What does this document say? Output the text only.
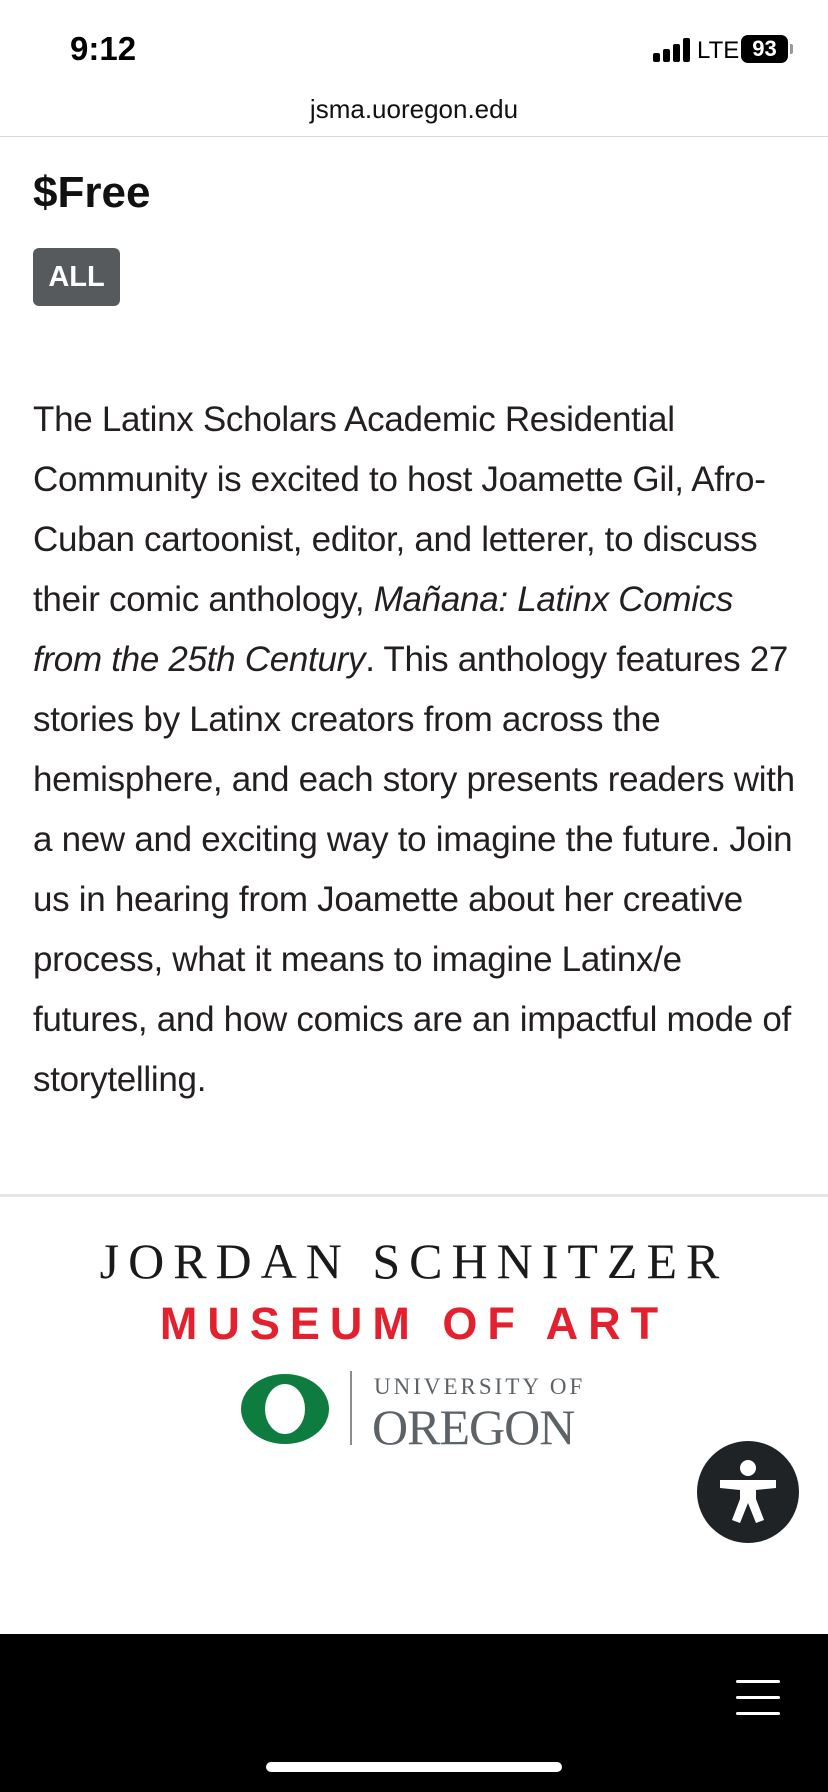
9:12	LTE 93
jsma.uoregon.edu
$Free
ALL

The Latinx Scholars Academic Residential Community is excited to host Joamette Gil, Afro-Cuban cartoonist, editor, and letterer, to discuss their comic anthology, Mañana: Latinx Comics from the 25th Century. This anthology features 27 stories by Latinx creators from across the hemisphere, and each story presents readers with a new and exciting way to imagine the future. Join us in hearing from Joamette about her creative process, what it means to imagine Latinx/e futures, and how comics are an impactful mode of storytelling.

JORDAN SCHNITZER
MUSEUM OF ART
UNIVERSITY OF
OREGON
